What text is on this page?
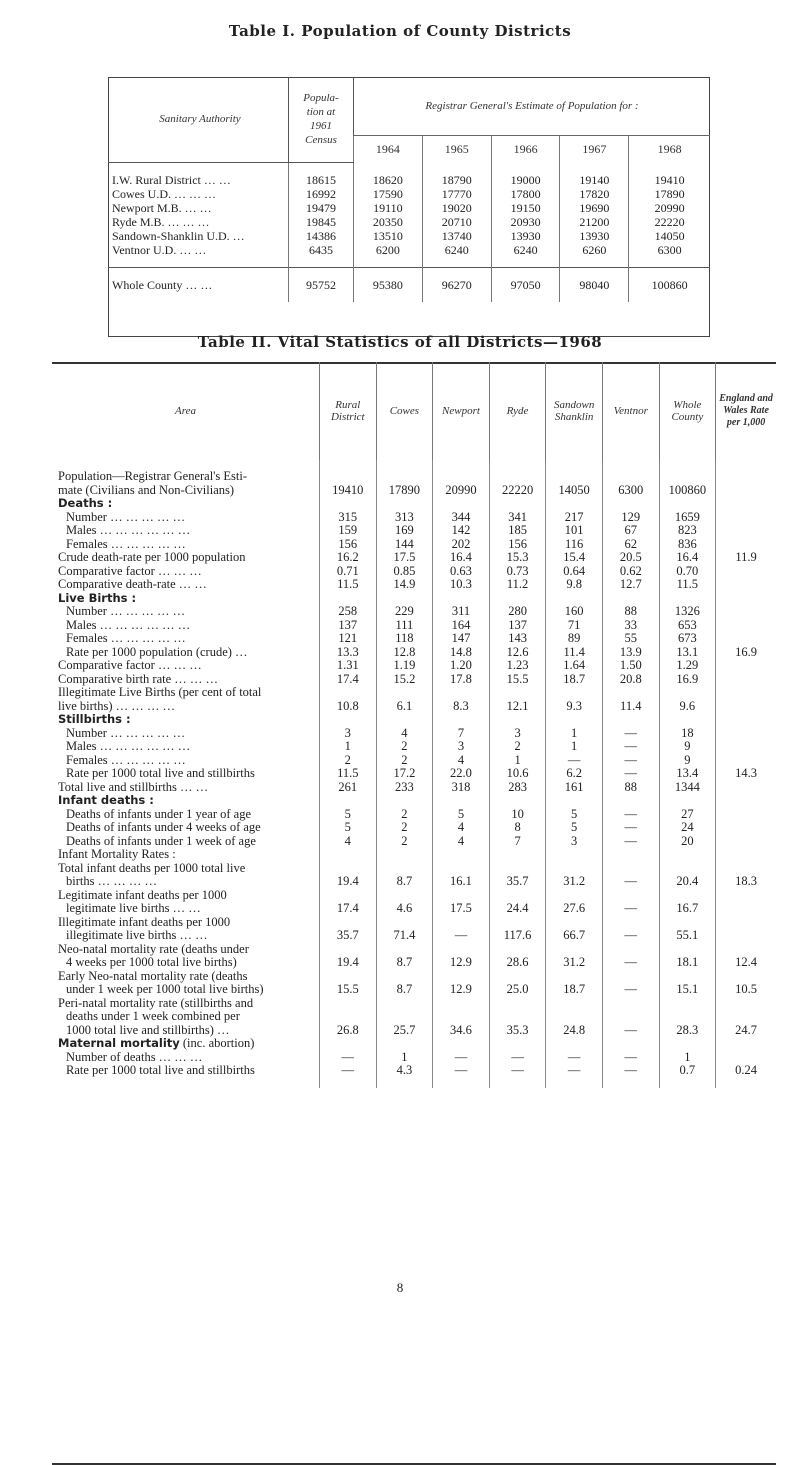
Table I. Population of County Districts
Sanitary Authority	Popula-
tion at
1961
Census	Registrar General's Estimate of Population for :				
		1964	1965	1966	1967	1968

I.W. Rural District … …	18615	18620	18790	19000	19140	19410
Cowes U.D. … … …	16992	17590	17770	17800	17820	17890
Newport M.B. … …	19479	19110	19020	19150	19690	20990
Ryde M.B. … … …	19845	20350	20710	20930	21200	22220
Sandown-Shanklin U.D. …	14386	13510	13740	13930	13930	14050
Ventnor U.D. … …	6435	6200	6240	6240	6260	6300

Whole County … …	95752	95380	96270	97050	98040	100860
Table II. Vital Statistics of all Districts—1968
Area	Rural District	Cowes	Newport	Ryde	Sandown Shanklin	Ventnor	Whole County	England and Wales Rate per 1,000

Population—Registrar General's Esti-								
mate (Civilians and Non-Civilians)	19410	17890	20990	22220	14050	6300	100860	
Deaths :								
Number … … … … …	315	313	344	341	217	129	1659	
Males … … … … … …	159	169	142	185	101	67	823	
Females … … … … …	156	144	202	156	116	62	836	
Crude death-rate per 1000 population	16.2	17.5	16.4	15.3	15.4	20.5	16.4	11.9
Comparative factor … … …	0.71	0.85	0.63	0.73	0.64	0.62	0.70	
Comparative death-rate … …	11.5	14.9	10.3	11.2	9.8	12.7	11.5	
Live Births :								
Number … … … … …	258	229	311	280	160	88	1326	
Males … … … … … …	137	111	164	137	71	33	653	
Females … … … … …	121	118	147	143	89	55	673	
Rate per 1000 population (crude) …	13.3	12.8	14.8	12.6	11.4	13.9	13.1	16.9
Comparative factor … … …	1.31	1.19	1.20	1.23	1.64	1.50	1.29	
Comparative birth rate … … …	17.4	15.2	17.8	15.5	18.7	20.8	16.9	
Illegitimate Live Births (per cent of total								
live births) … … … …	10.8	6.1	8.3	12.1	9.3	11.4	9.6	
Stillbirths :								
Number … … … … …	3	4	7	3	1	—	18	
Males … … … … … …	1	2	3	2	1	—	9	
Females … … … … …	2	2	4	1	—	—	9	
Rate per 1000 total live and stillbirths	11.5	17.2	22.0	10.6	6.2	—	13.4	14.3
Total live and stillbirths … …	261	233	318	283	161	88	1344	
Infant deaths :								
Deaths of infants under 1 year of age	5	2	5	10	5	—	27	
Deaths of infants under 4 weeks of age	5	2	4	8	5	—	24	
Deaths of infants under 1 week of age	4	2	4	7	3	—	20	
Infant Mortality Rates :								
Total infant deaths per 1000 total live								
births … … … …	19.4	8.7	16.1	35.7	31.2	—	20.4	18.3
Legitimate infant deaths per 1000								
legitimate live births … …	17.4	4.6	17.5	24.4	27.6	—	16.7	
Illegitimate infant deaths per 1000								
illegitimate live births … …	35.7	71.4	—	117.6	66.7	—	55.1	
Neo-natal mortality rate (deaths under								
4 weeks per 1000 total live births)	19.4	8.7	12.9	28.6	31.2	—	18.1	12.4
Early Neo-natal mortality rate (deaths								
under 1 week per 1000 total live births)	15.5	8.7	12.9	25.0	18.7	—	15.1	10.5
Peri-natal mortality rate (stillbirths and								
deaths under 1 week combined per								
1000 total live and stillbirths) …	26.8	25.7	34.6	35.3	24.8	—	28.3	24.7
Maternal mortality (inc. abortion)								
Number of deaths … … …	—	1	—	—	—	—	1	
Rate per 1000 total live and stillbirths	—	4.3	—	—	—	—	0.7	0.24

8
